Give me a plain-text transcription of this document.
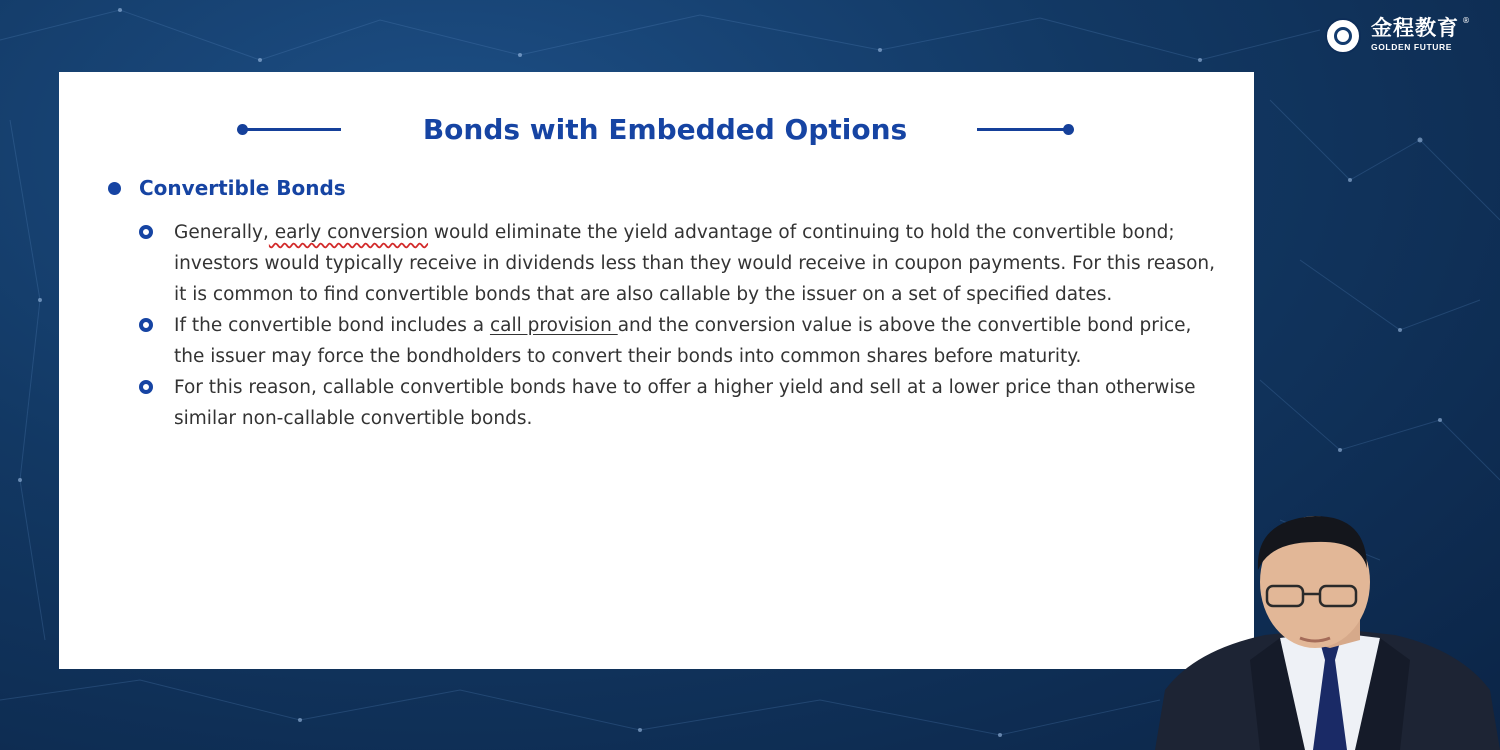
金程教育 ®
GOLDEN FUTURE
Bonds with Embedded Options
Convertible Bonds
Generally, early conversion would eliminate the yield advantage of continuing to hold the convertible bond; investors would typically receive in dividends less than they would receive in coupon payments. For this reason, it is common to find convertible bonds that are also callable by the issuer on a set of specified dates.
If the convertible bond includes a call provision and the conversion value is above the convertible bond price, the issuer may force the bondholders to convert their bonds into common shares before maturity.
For this reason, callable convertible bonds have to offer a higher yield and sell at a lower price than otherwise similar non-callable convertible bonds.
